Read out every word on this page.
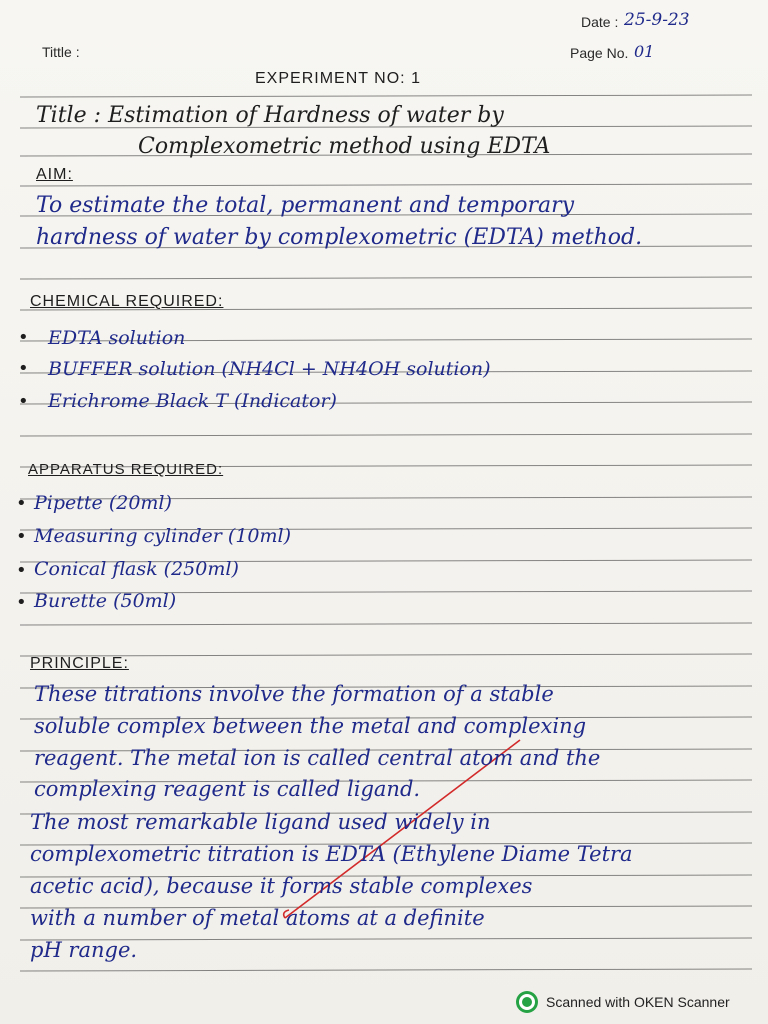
Date : 25-9-23
Tittle :	Page No. 01
EXPERIMENT NO: 1
Title : Estimation of Hardness of water by
Complexometric method using EDTA
AIM:
To estimate the total, permanent and temporary
hardness of water by complexometric (EDTA) method.
CHEMICAL REQUIRED:
• EDTA solution
• BUFFER solution (NH4Cl + NH4OH solution)
• Erichrome Black T (Indicator)
APPARATUS REQUIRED:
• Pipette (20ml)
• Measuring cylinder (10ml)
• Conical flask (250ml)
• Burette (50ml)
PRINCIPLE:
These titrations involve the formation of a stable
soluble complex between the metal and complexing
reagent. The metal ion is called central atom and the
complexing reagent is called ligand.
The most remarkable ligand used widely in
complexometric titration is EDTA (Ethylene Diame Tetra
acetic acid), because it forms stable complexes
with a number of metal atoms at a definite
pH range.
Scanned with OKEN Scanner
